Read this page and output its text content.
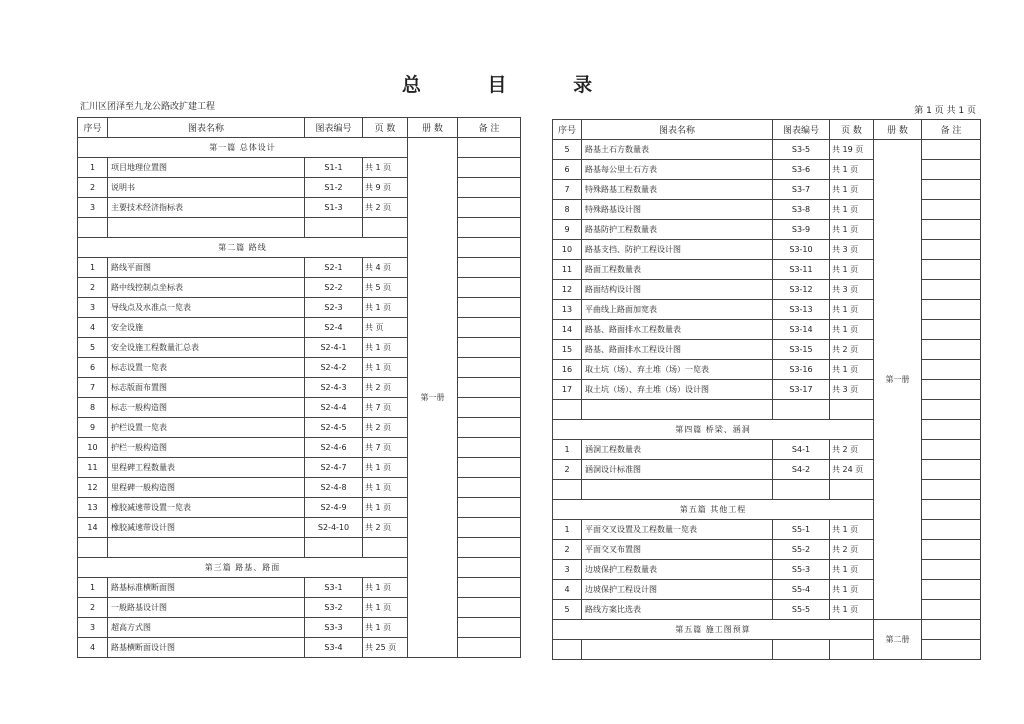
总 目 录
汇川区团泽至九龙公路改扩建工程	第 1 页 共 1 页
序号	图表名称	图表编号	页 数	册 数	备 注
第一篇 总体设计				第一册	
1	项目地理位置图	S1-1	共 1 页		
2	说明书	S1-2	共 9 页		
3	主要技术经济指标表	S1-3	共 2 页		

第二篇 路线					
1	路线平面图	S2-1	共 4 页		
2	路中线控制点坐标表	S2-2	共 5 页		
3	导线点及水准点一览表	S2-3	共 1 页		
4	安全设施	S2-4	共 页		
5	安全设施工程数量汇总表	S2-4-1	共 1 页		
6	标志设置一览表	S2-4-2	共 1 页		
7	标志版面布置图	S2-4-3	共 2 页		
8	标志一般构造图	S2-4-4	共 7 页		
9	护栏设置一览表	S2-4-5	共 2 页		
10	护栏一般构造图	S2-4-6	共 7 页		
11	里程碑工程数量表	S2-4-7	共 1 页		
12	里程碑一般构造图	S2-4-8	共 1 页		
13	橡胶减速带设置一览表	S2-4-9	共 1 页		
14	橡胶减速带设计图	S2-4-10	共 2 页		

第三篇 路基、路面					
1	路基标准横断面图	S3-1	共 1 页		
2	一般路基设计图	S3-2	共 1 页		
3	超高方式图	S3-3	共 1 页		
4	路基横断面设计图	S3-4	共 25 页		
序号	图表名称	图表编号	页 数	册 数	备 注
5	路基土石方数量表	S3-5	共 19 页	第一册	
6	路基每公里土石方表	S3-6	共 1 页		
7	特殊路基工程数量表	S3-7	共 1 页		
8	特殊路基设计图	S3-8	共 1 页		
9	路基防护工程数量表	S3-9	共 1 页		
10	路基支挡、防护工程设计图	S3-10	共 3 页		
11	路面工程数量表	S3-11	共 1 页		
12	路面结构设计图	S3-12	共 3 页		
13	平曲线上路面加宽表	S3-13	共 1 页		
14	路基、路面排水工程数量表	S3-14	共 1 页		
15	路基、路面排水工程设计图	S3-15	共 2 页		
16	取土坑（场）、弃土堆（场）一览表	S3-16	共 1 页		
17	取土坑（场）、弃土堆（场）设计图	S3-17	共 3 页		

第四篇 桥梁、涵洞					
1	涵洞工程数量表	S4-1	共 2 页		
2	涵洞设计标准图	S4-2	共 24 页		

第五篇 其他工程					
1	平面交叉设置及工程数量一览表	S5-1	共 1 页		
2	平面交叉布置图	S5-2	共 2 页		
3	边坡保护工程数量表	S5-3	共 1 页		
4	边坡保护工程设计图	S5-4	共 1 页		
5	路线方案比选表	S5-5	共 1 页		
第五篇 施工图预算				第二册	
